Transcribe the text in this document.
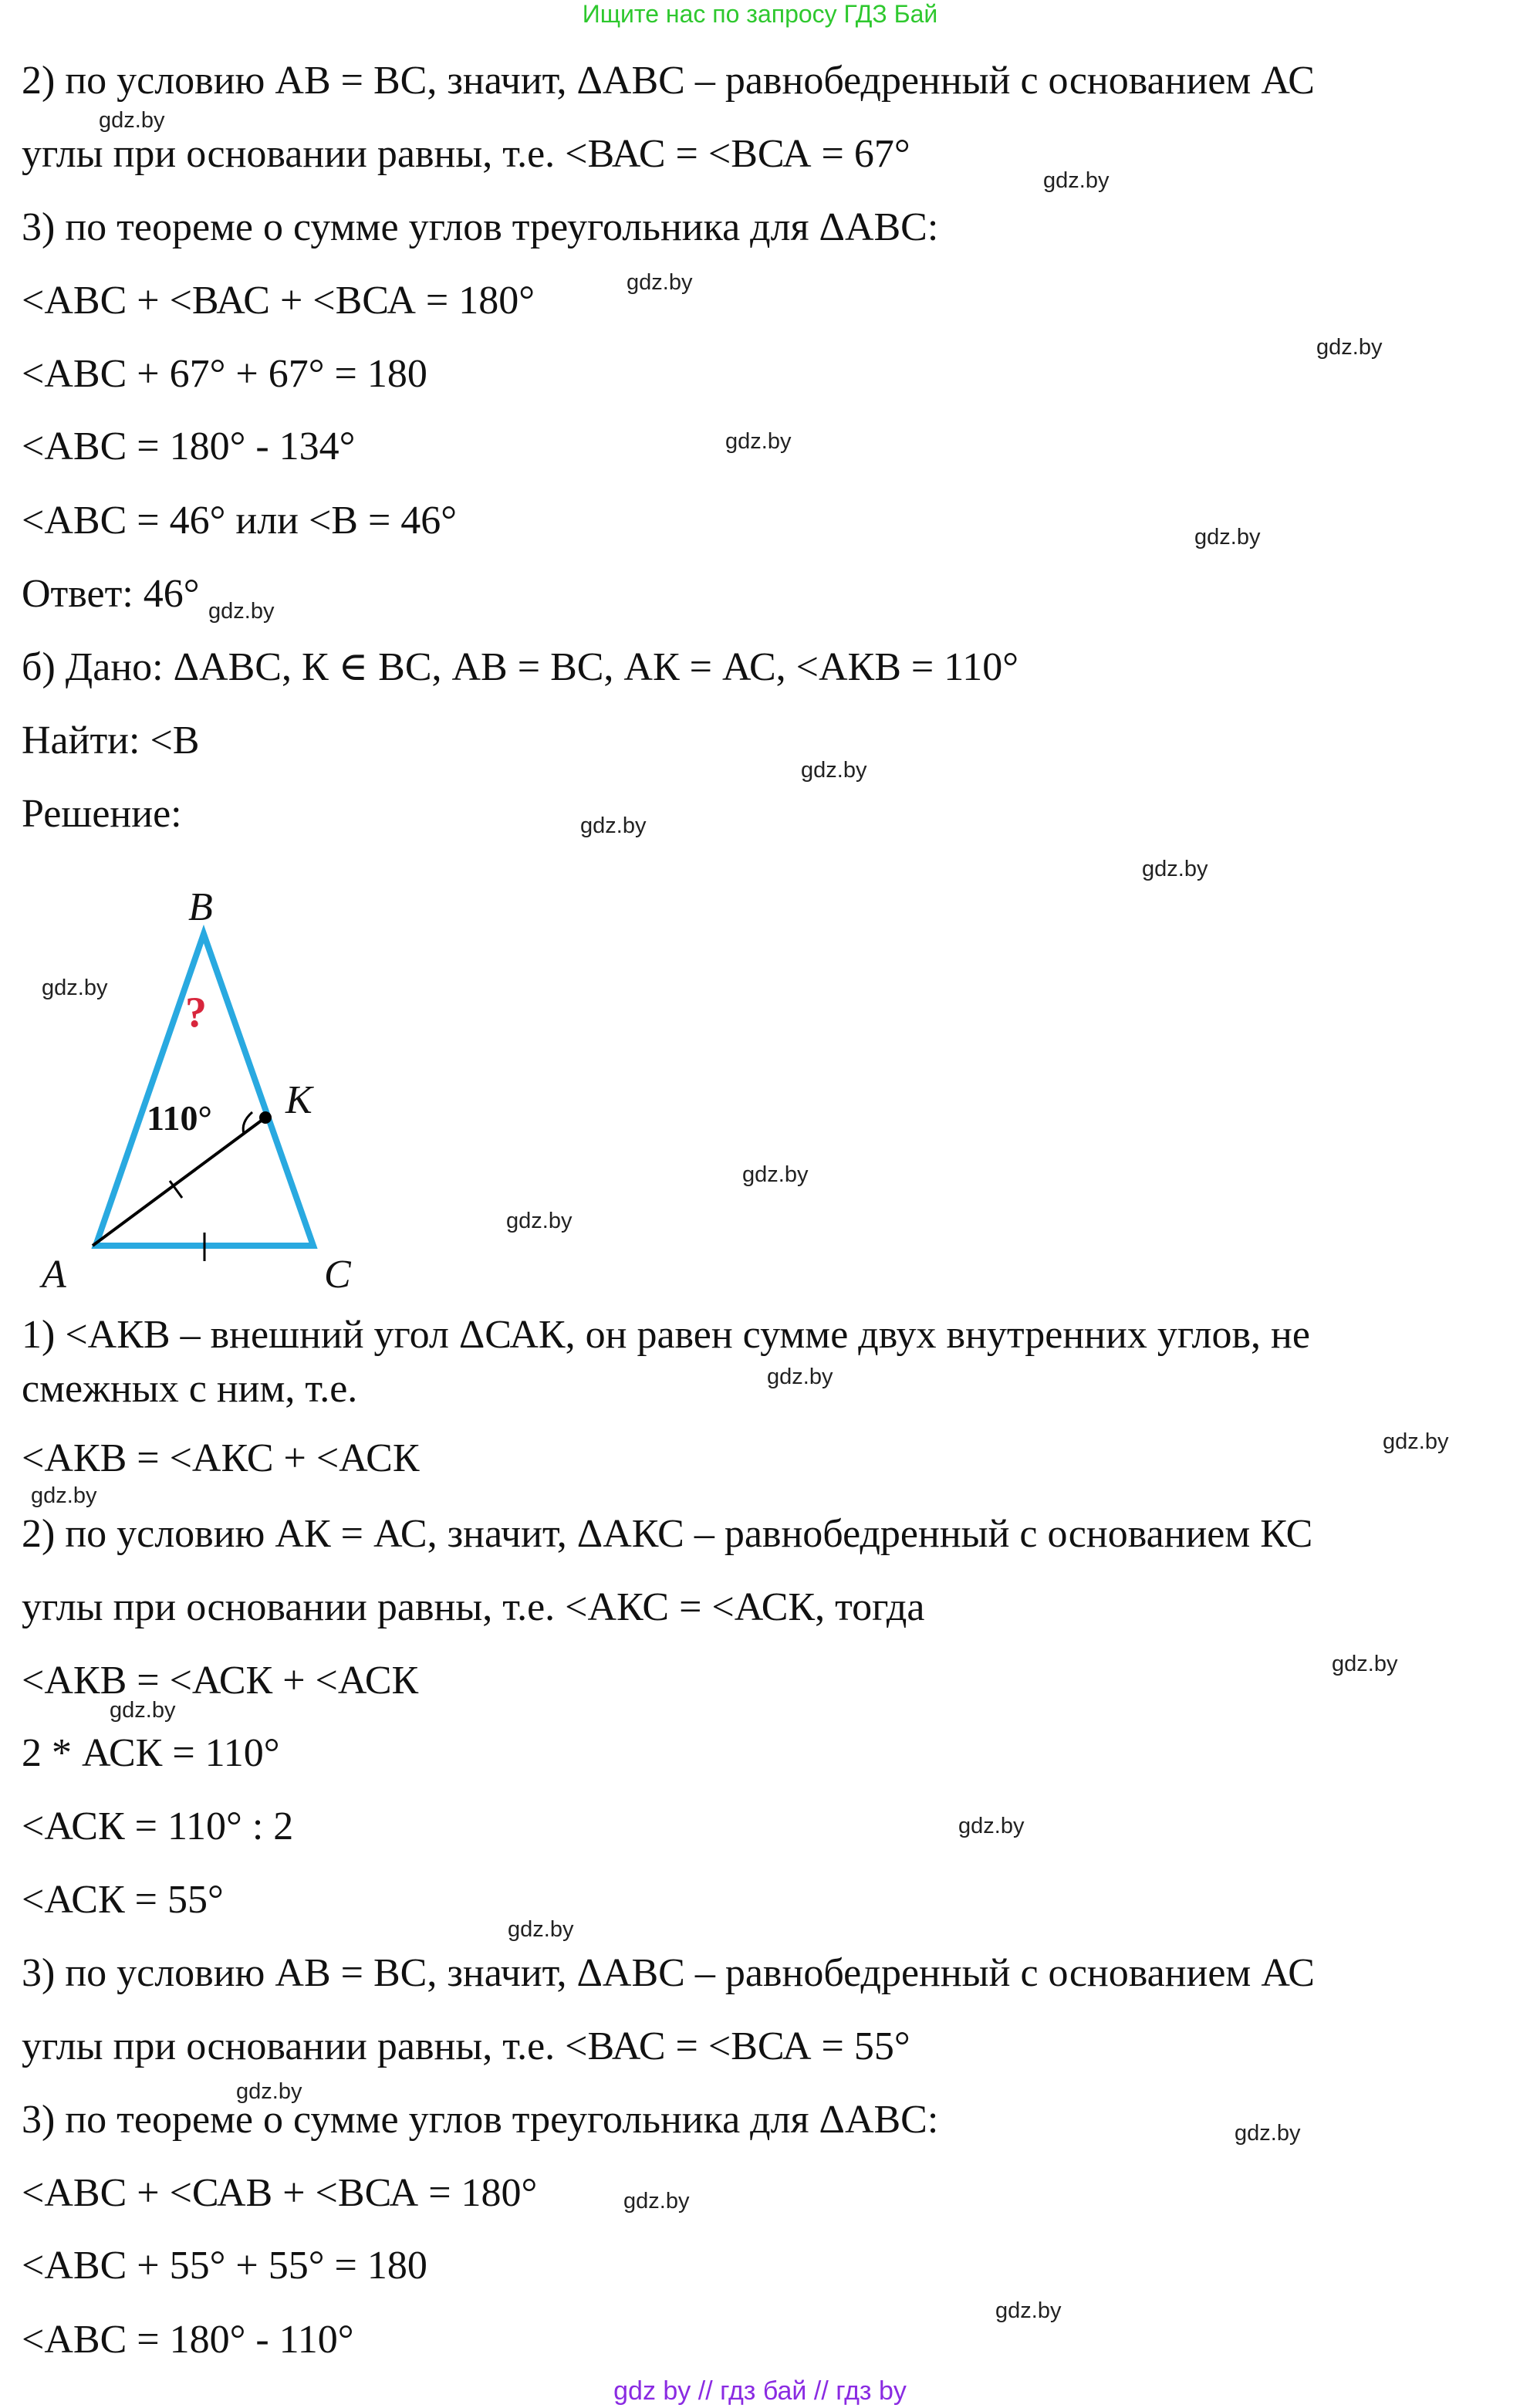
Ищите нас по запросу ГДЗ Бай
2) по условию АВ = ВС, значит, ΔАВС – равнобедренный с основанием АС
углы при основании равны, т.е. <ВАС = <ВСА = 67°
3) по теореме о сумме углов треугольника для ΔАВС:
<АВС + <ВАС + <ВСА = 180°
<АВС + 67° + 67° = 180
<АВС = 180° - 134°
<АВС = 46° или <В = 46°
Ответ: 46°
б) Дано: ΔАВС, К ∈ ВС, АВ = ВС, АК = АС, <АКВ = 110°
Найти: <В
Решение:
B
K
A	C
110°
?
1) <АКВ – внешний угол ΔСАК, он равен сумме двух внутренних углов, не
смежных с ним, т.е.
<АКВ = <АКС + <АСК
2) по условию АК = АС, значит, ΔАКС – равнобедренный с основанием КС
углы при основании равны, т.е. <АКС = <АСК, тогда
<АКВ = <АСК + <АСК
2 * АСК = 110°
<АСК = 110° : 2
<АСК = 55°
3) по условию АВ = ВС, значит, ΔАВС – равнобедренный с основанием АС
углы при основании равны, т.е. <ВАС = <ВСА = 55°
3) по теореме о сумме углов треугольника для ΔАВС:
<АВС + <САВ + <ВСА = 180°
<АВС + 55° + 55° = 180
<АВС = 180° - 110°
gdz.by
gdz.by
gdz.by
gdz.by
gdz.by
gdz.by
gdz.by
gdz.by
gdz.by
gdz.by
gdz.by
gdz.by
gdz.by
gdz.by
gdz.by
gdz.by
gdz.by
gdz.by
gdz.by
gdz.by
gdz.by
gdz.by
gdz.by
gdz.by
gdz by // гдз бай // гдз by
